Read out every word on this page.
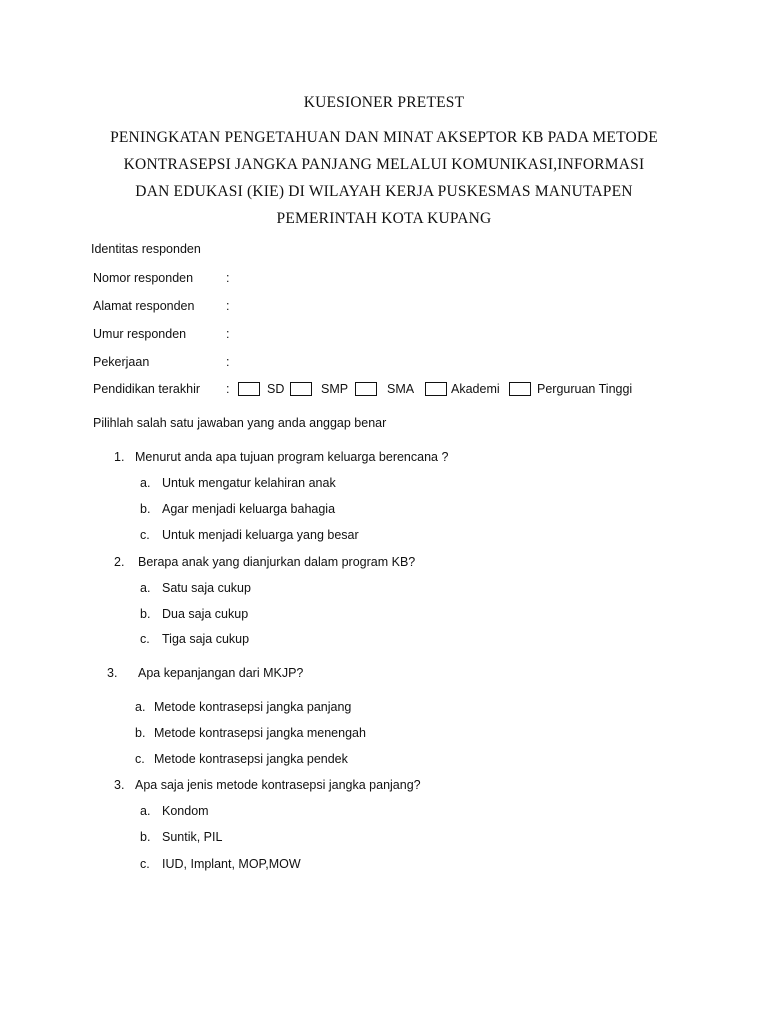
KUESIONER PRETEST
PENINGKATAN PENGETAHUAN DAN MINAT AKSEPTOR KB PADA METODE KONTRASEPSI JANGKA PANJANG MELALUI KOMUNIKASI,INFORMASI DAN EDUKASI (KIE) DI WILAYAH KERJA PUSKESMAS MANUTAPEN PEMERINTAH KOTA KUPANG
Identitas responden
Nomor responden	:
Alamat responden	:
Umur responden	:
Pekerjaan	:
Pendidikan terakhir :	SD	SMP	SMA	Akademi	Perguruan Tinggi
Pilihlah salah satu jawaban yang anda anggap benar
1. Menurut anda apa tujuan program keluarga berencana ?
a. Untuk mengatur kelahiran anak
b. Agar menjadi keluarga bahagia
c. Untuk menjadi keluarga yang besar
2. Berapa anak yang dianjurkan dalam program KB?
a. Satu saja cukup
b. Dua saja cukup
c. Tiga saja cukup
3. Apa kepanjangan dari MKJP?
a. Metode kontrasepsi jangka panjang
b. Metode kontrasepsi jangka menengah
c. Metode kontrasepsi jangka pendek
3. Apa saja jenis metode kontrasepsi jangka panjang?
a. Kondom
b. Suntik, PIL
c. IUD, Implant, MOP,MOW
